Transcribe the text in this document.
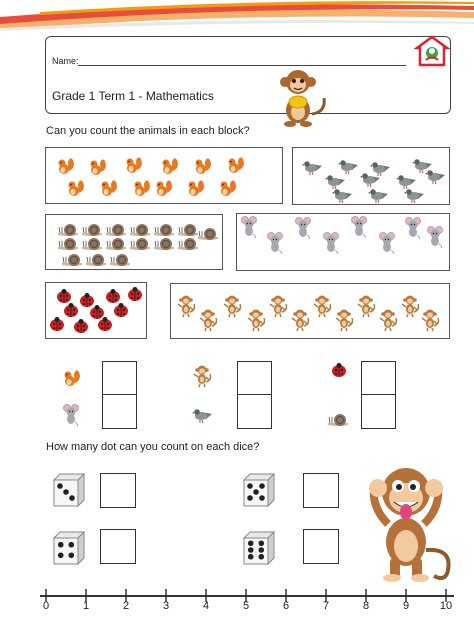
Name:
Grade 1 Term 1 - Mathematics
Can you count the animals in each block?
How many dot can you count on each dice?
0	1	2	3	4	5	6	7	8	9	10
